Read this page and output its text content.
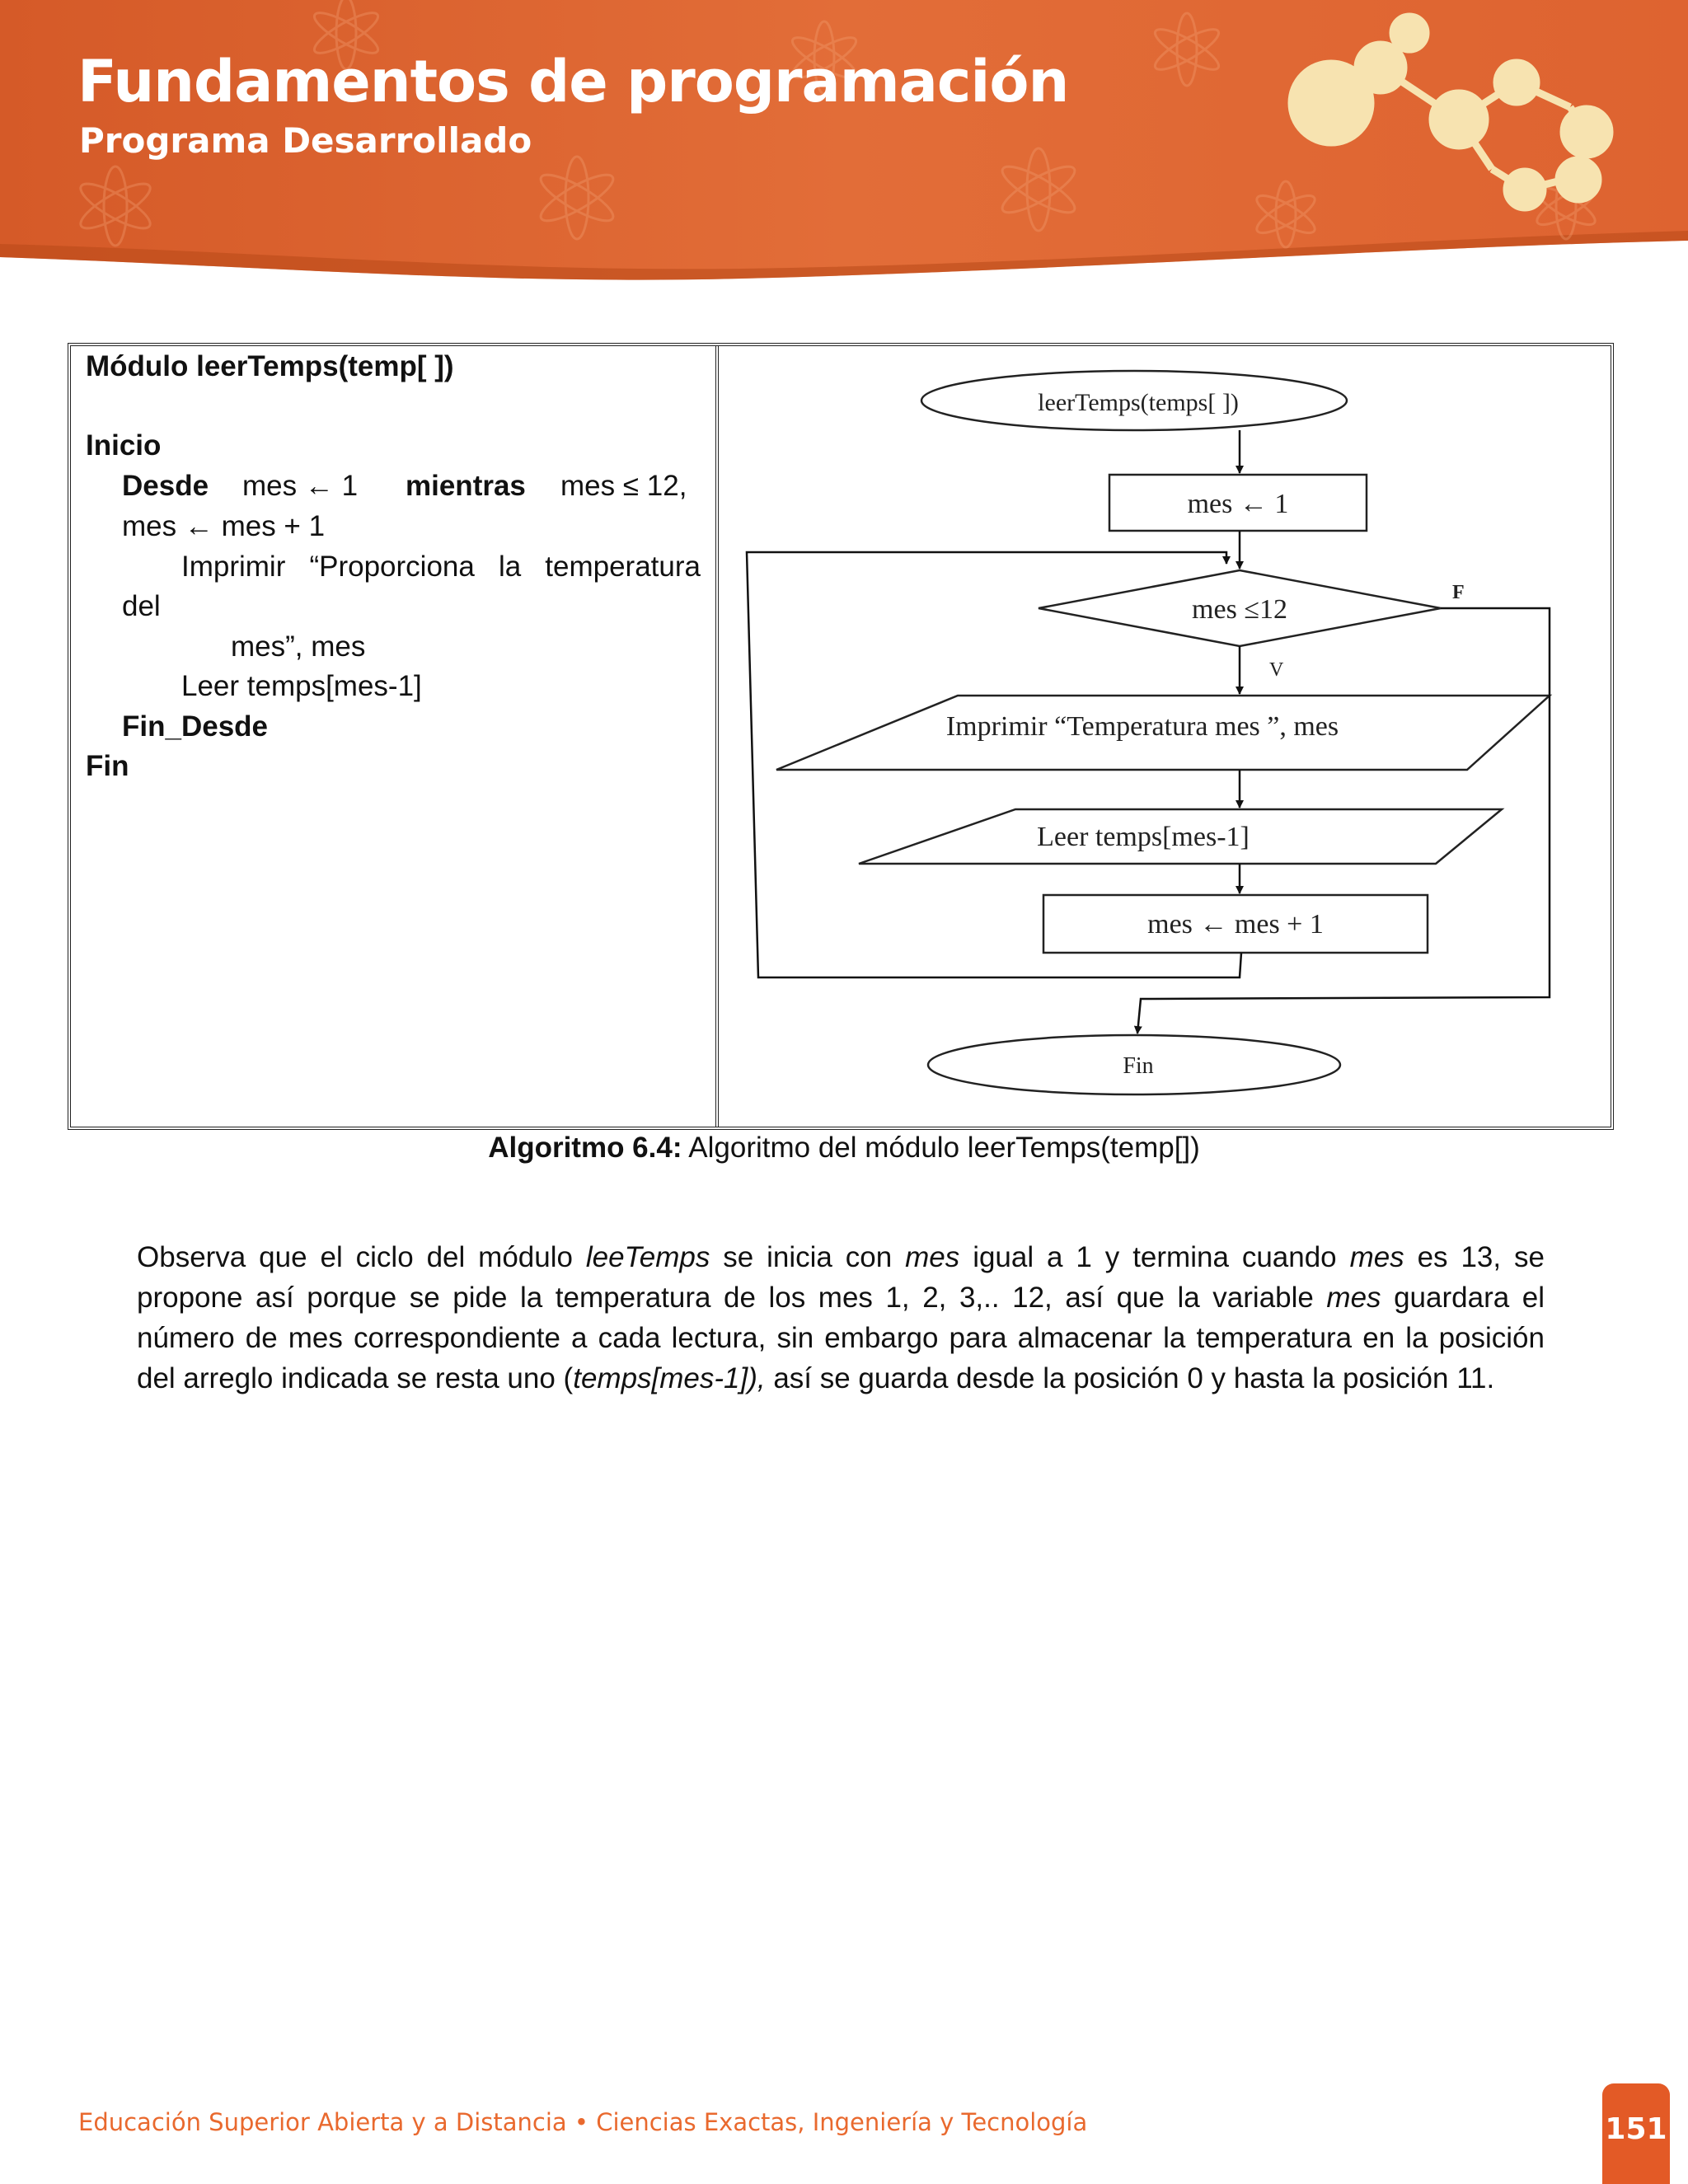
Fundamentos de programación
Programa Desarrollado
Módulo leerTemps(temp[ ])
Inicio
Desde mes ← 1 mientras mes ≤ 12,
mes ← mes + 1
Imprimir “Proporciona la temperatura
del
mes”, mes
Leer temps[mes-1]
Fin_Desde
Fin
leerTemps(temps[ ])
mes ← 1
mes ≤12
F
V
Imprimir “Temperatura mes ”, mes
Leer temps[mes-1]
mes ← mes + 1
Fin
Algoritmo 6.4: Algoritmo del módulo leerTemps(temp[])

Observa que el ciclo del módulo leeTemps se inicia con mes igual a 1 y termina cuando mes es 13, se propone así porque se pide la temperatura de los mes 1, 2, 3,.. 12, así que la variable mes guardara el número de mes correspondiente a cada lectura, sin embargo para almacenar la temperatura en la posición del arreglo indicada se resta uno (temps[mes-1]), así se guarda desde la posición 0 y hasta la posición 11.

Educación Superior Abierta y a Distancia • Ciencias Exactas, Ingeniería y Tecnología	151
